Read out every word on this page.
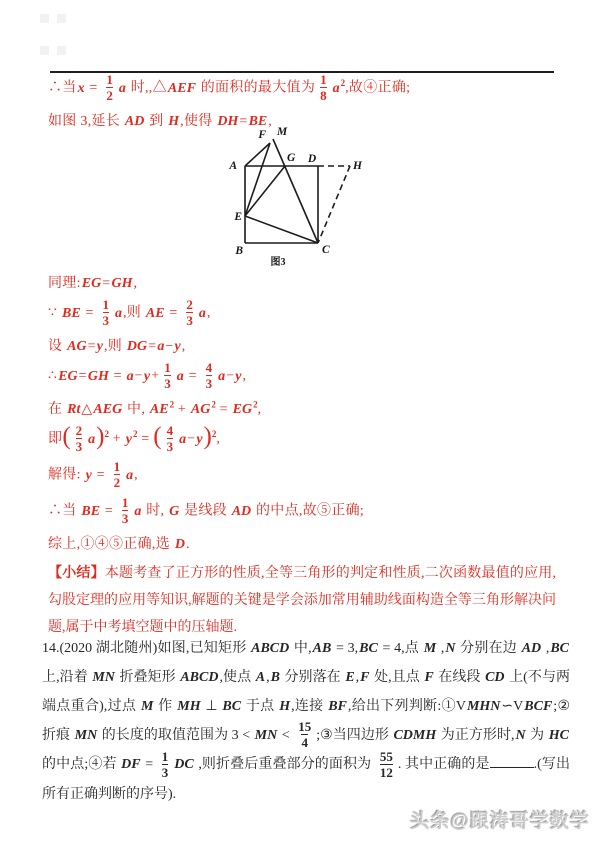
∴当$x = \frac{1}{2}$ a 时,,△AEF 的面积的最大值为 $\frac{1}{8} a^2$,故④正确;
如图 3,延长 AD 到 H,使得 DH=BE,
A
B	C
D
E
F M
G
H
图3
同理:EG=GH,
∵ BE = $\frac{1}{3} a$,则 AE = $\frac{2}{3} a$,
设 AG=y,则 DG=a−y,
∴EG=GH = $a-y+ \frac{1}{3}$ $a = \frac{4}{3} a-y$,
在 Rt△AEG 中, $AE^2 + AG^2 = EG^2$,
即( $\frac{2}{3} a)^2 + y^2$ = ( $\frac{4}{3} a-y)^2$,
解得: $y = \frac{1}{2} a$,
∴当 BE = $\frac{1}{3}$ a 时, G 是线段 AD 的中点,故⑤正确;
综上,①④⑤正确,选 D.

【小结】本题考查了正方形的性质,全等三角形的判定和性质,二次函数最值的应用,勾股定理的应用等知识,解题的关键是学会添加常用辅助线面构造全等三角形解决问题,属于中考填空题中的压轴题.

14.(2020 湖北随州)如图,已知矩形 ABCD 中,AB = 3,BC = 4,点 M ,N 分别在边 AD ,BC 上,沿着 MN 折叠矩形 ABCD,使点 A,B 分别落在 E,F 处,且点 F 在线段 CD 上(不与两端点重合),过点 M 作 MH ⊥ BC 于点 H,连接 BF,给出下列判断:①VMHN∽VBCF;②折痕 MN 的长度的取值范围为 3 < MN < $\frac{15}{4}$ ;③当四边形 CDMH 为正方形时,N 为 HC 的中点;④若 DF = $\frac{1}{3}$ DC ,则折叠后重叠部分的面积为 $\frac{55}{12}$ . 其中正确的是	.(写出所有正确判断的序号).

头条@跟涛哥学数学
